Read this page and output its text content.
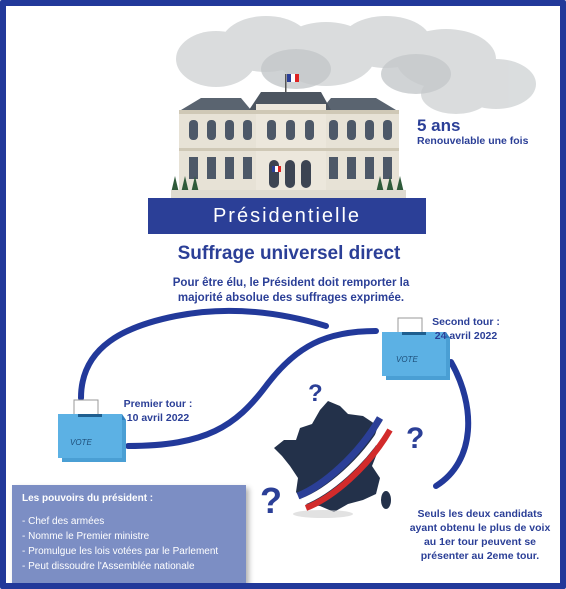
5 ans
Renouvelable une fois
Présidentielle
Suffrage universel direct
Pour être élu, le Président doit remporter la majorité absolue des suffrages exprimée.
VOTE
VOTE
Premier tour :
10 avril 2022
Second tour :
24 avril 2022
?
?
?	Seuls les deux candidats ayant obtenu le plus de voix au 1er tour peuvent se présenter au 2eme tour.
Les pouvoirs du président :
- Chef des armées
- Nomme le Premier ministre
- Promulgue les lois votées par le Parlement
- Peut dissoudre l'Assemblée nationale
